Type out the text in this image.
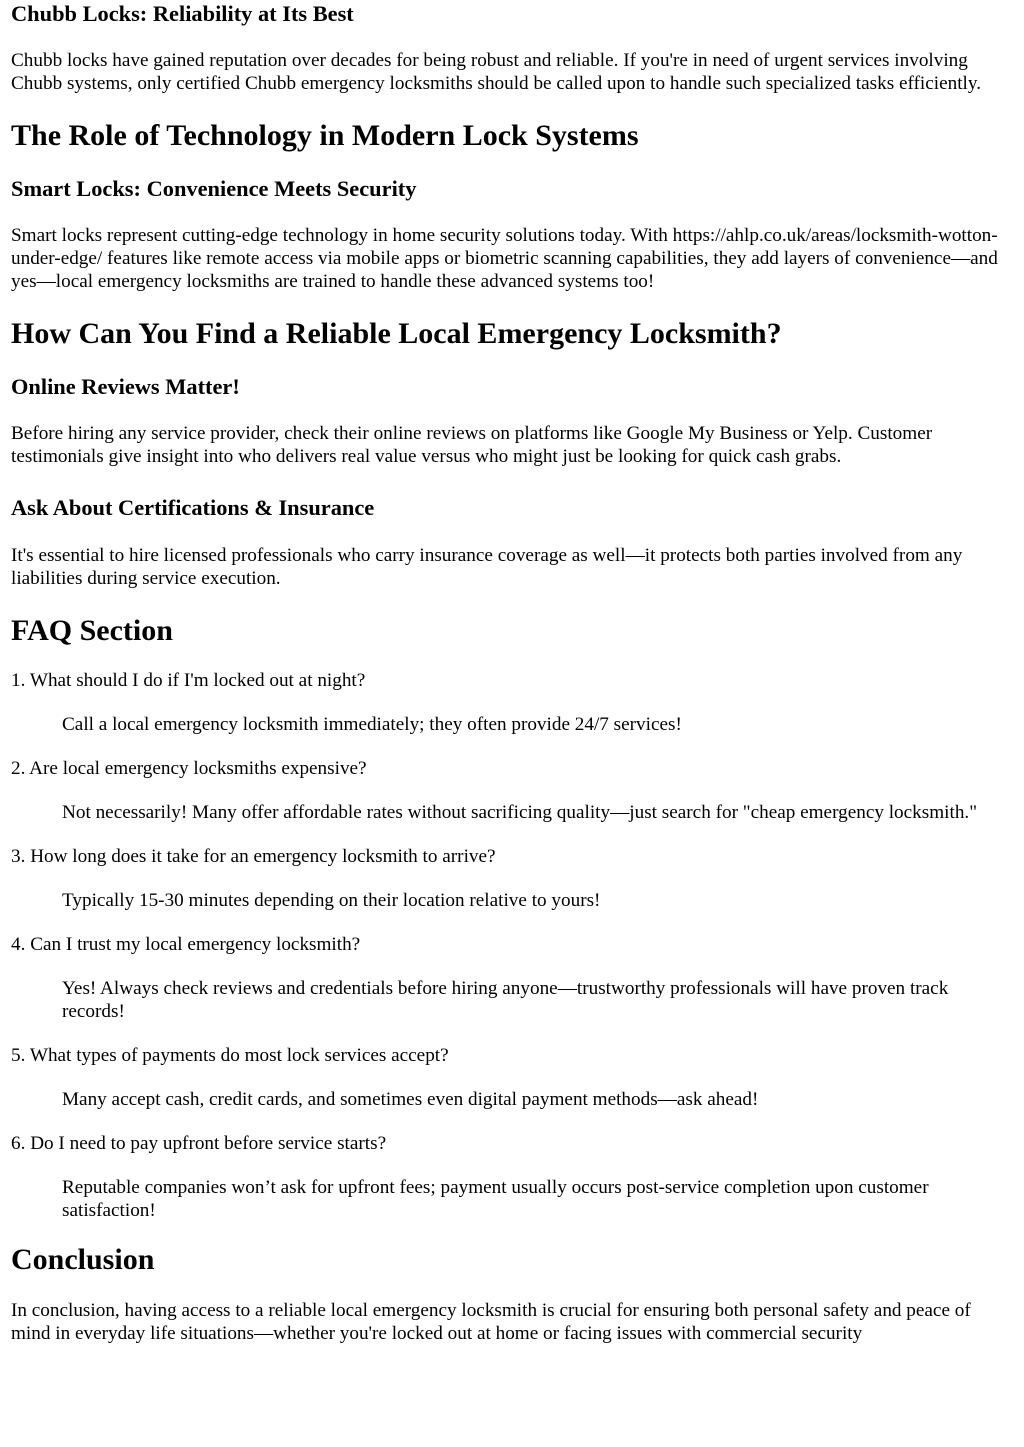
Chubb Locks: Reliability at Its Best

Chubb locks have gained reputation over decades for being robust and reliable. If you're in need of urgent services involving Chubb systems, only certified Chubb emergency locksmiths should be called upon to handle such specialized tasks efficiently.

The Role of Technology in Modern Lock Systems
Smart Locks: Convenience Meets Security

Smart locks represent cutting-edge technology in home security solutions today. With https://ahlp.co.uk/areas/locksmith-wotton-under-edge/ features like remote access via mobile apps or biometric scanning capabilities, they add layers of convenience—and yes—local emergency locksmiths are trained to handle these advanced systems too!

How Can You Find a Reliable Local Emergency Locksmith?
Online Reviews Matter!

Before hiring any service provider, check their online reviews on platforms like Google My Business or Yelp. Customer testimonials give insight into who delivers real value versus who might just be looking for quick cash grabs.

Ask About Certifications & Insurance

It's essential to hire licensed professionals who carry insurance coverage as well—it protects both parties involved from any liabilities during service execution.

FAQ Section

1. What should I do if I'm locked out at night?

Call a local emergency locksmith immediately; they often provide 24/7 services!

2. Are local emergency locksmiths expensive?

Not necessarily! Many offer affordable rates without sacrificing quality—just search for "cheap emergency locksmith."

3. How long does it take for an emergency locksmith to arrive?

Typically 15-30 minutes depending on their location relative to yours!

4. Can I trust my local emergency locksmith?

Yes! Always check reviews and credentials before hiring anyone—trustworthy professionals will have proven track records!

5. What types of payments do most lock services accept?

Many accept cash, credit cards, and sometimes even digital payment methods—ask ahead!

6. Do I need to pay upfront before service starts?

Reputable companies won’t ask for upfront fees; payment usually occurs post-service completion upon customer satisfaction!

Conclusion

In conclusion, having access to a reliable local emergency locksmith is crucial for ensuring both personal safety and peace of mind in everyday life situations—whether you're locked out at home or facing issues with commercial security
